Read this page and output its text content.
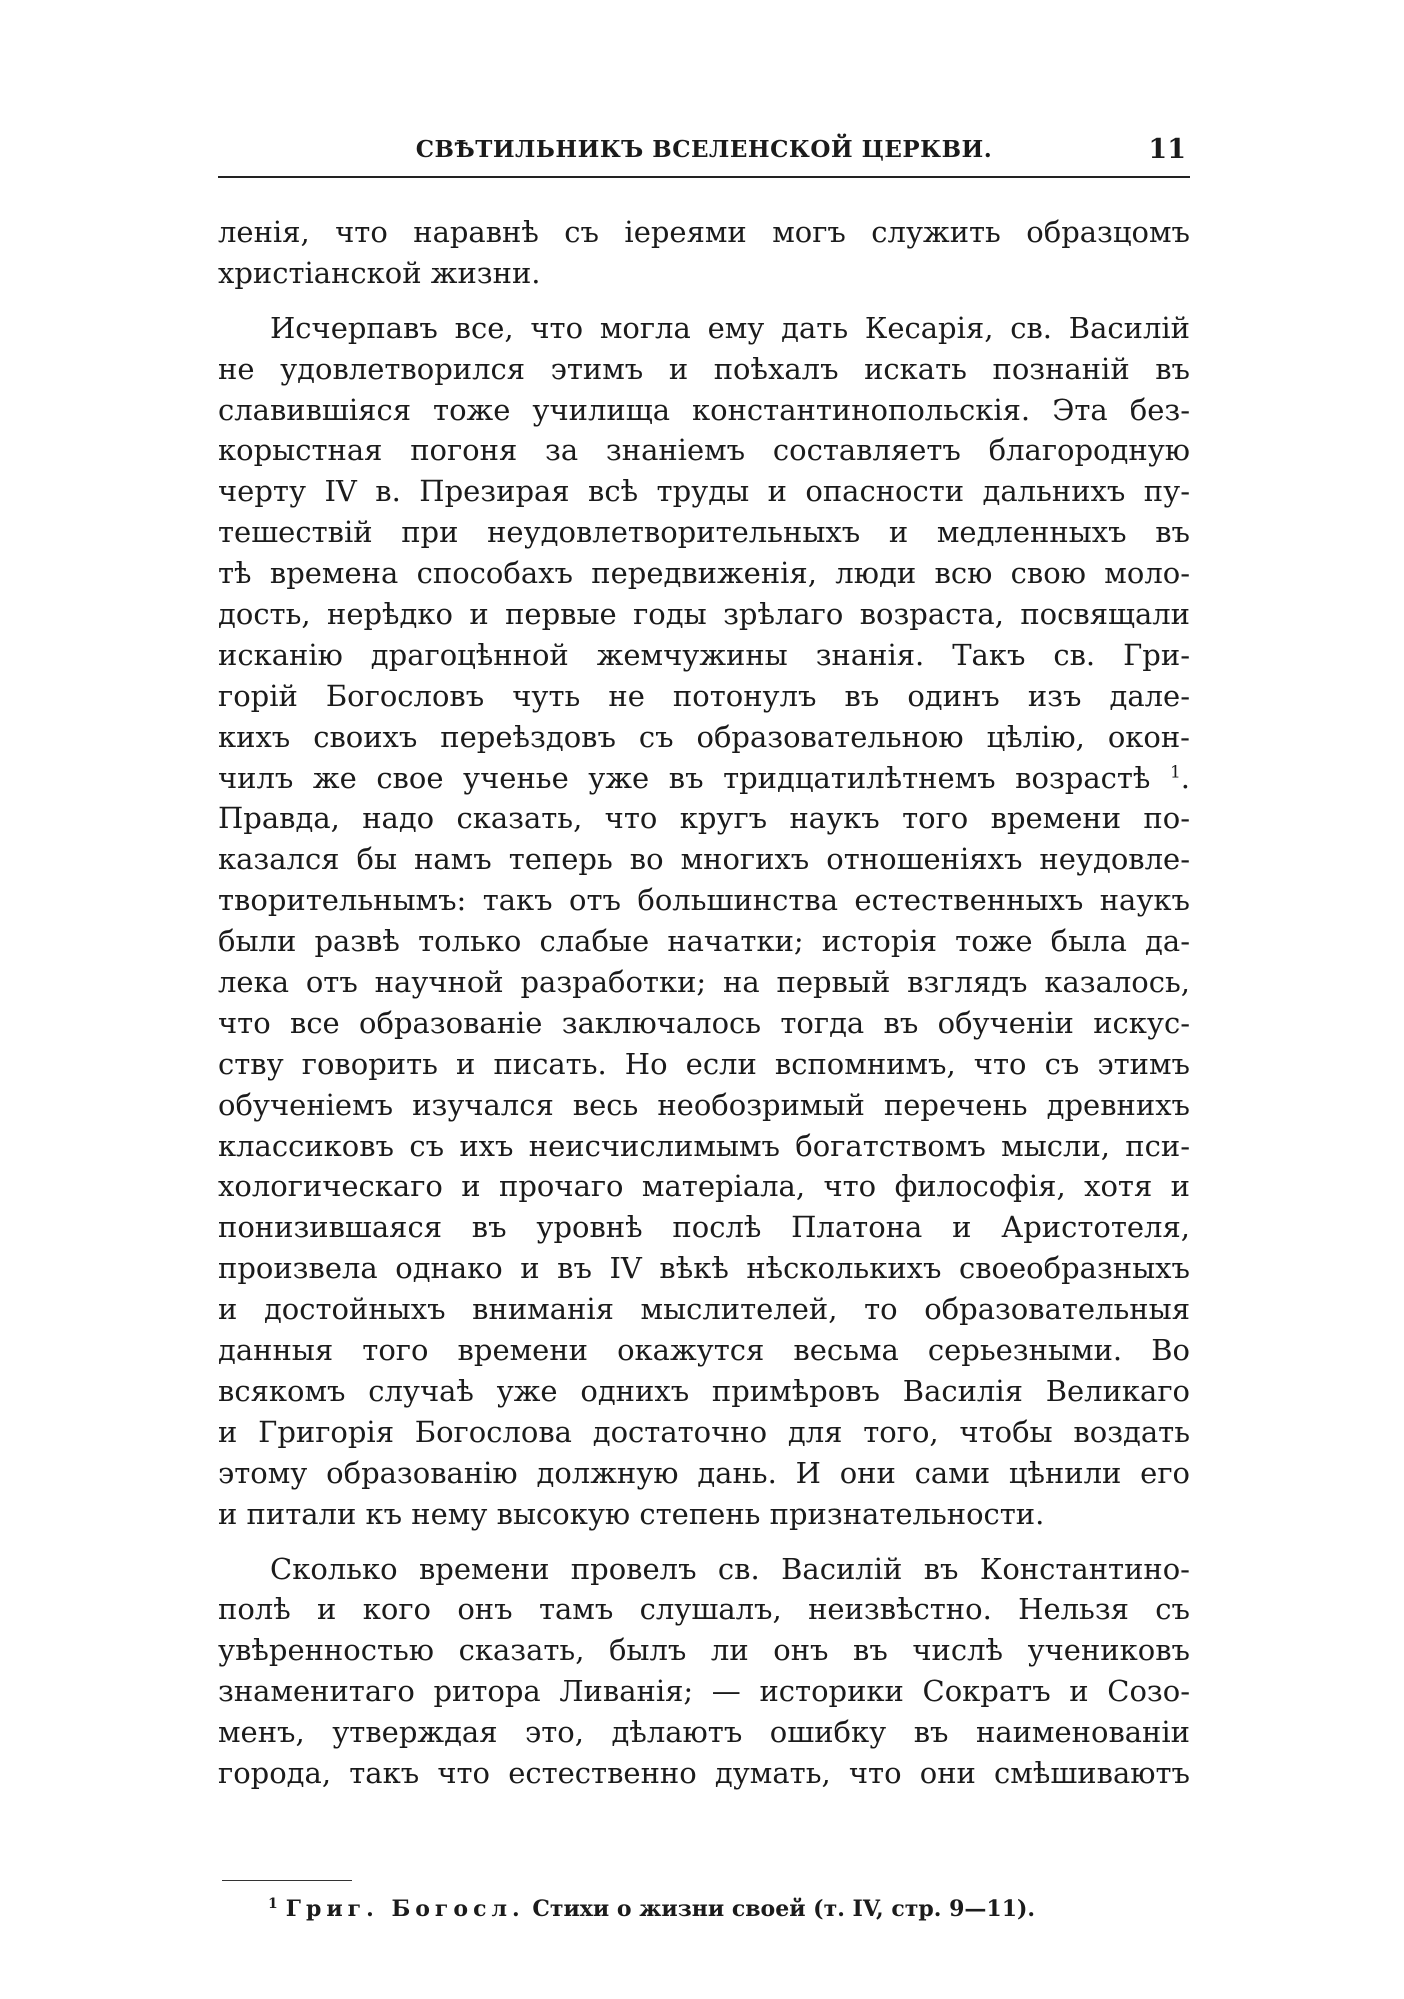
СВѢТИЛЬНИКЪ ВСЕЛЕНСКОЙ ЦЕРКВИ.	11
ленія, что наравнѣ съ іереями могъ служить образцомъ
христіанской жизни.
Исчерпавъ все, что могла ему дать Кесарія, св. Василій
не удовлетворился этимъ и поѣхалъ искать познаній въ
славившіяся тоже училища константинопольскія. Эта без-
корыстная погоня за знаніемъ составляетъ благородную
черту IV в. Презирая всѣ труды и опасности дальнихъ пу-
тешествій при неудовлетворительныхъ и медленныхъ въ
тѣ времена способахъ передвиженія, люди всю свою моло-
дость, нерѣдко и первые годы зрѣлаго возраста, посвящали
исканію драгоцѣнной жемчужины знанія. Такъ св. Гри-
горій Богословъ чуть не потонулъ въ одинъ изъ далe-
кихъ своихъ переѣздовъ съ образовательною цѣлію, окон-
чилъ же свое ученье уже въ тридцатилѣтнемъ возрастѣ $^1$.
Правда, надо сказать, что кругъ наукъ того времени по-
казался бы намъ теперь во многихъ отношеніяхъ неудовле-
творительнымъ: такъ отъ большинства естественныхъ наукъ
были развѣ только слабые начатки; исторія тоже была да-
лека отъ научной разработки; на первый взглядъ казалось,
что все образованіе заключалось тогда въ обученіи искус-
ству говорить и писать. Но если вспомнимъ, что съ этимъ
обученіемъ изучался весь необозримый перечень древнихъ
классиковъ съ ихъ неисчислимымъ богатствомъ мысли, пси-
хологическаго и прочаго матеріала, что философія, хотя и
понизившаяся въ уровнѣ послѣ Платона и Аристотеля,
произвела однако и въ IV вѣкѣ нѣсколькихъ своеобразныхъ
и достойныхъ вниманія мыслителей, то образовательныя
данныя того времени окажутся весьма серьезными. Во
всякомъ случаѣ уже однихъ примѣровъ Василія Великаго
и Григорія Богослова достаточно для того, чтобы воздать
этому образованію должную дань. И они сами цѣнили его
и питали къ нему высокую степень признательности.
Сколько времени провелъ св. Василій въ Константино-
полѣ и кого онъ тамъ слушалъ, неизвѣстно. Нельзя съ
увѣренностью сказать, былъ ли онъ въ числѣ учениковъ
знаменитаго ритора Ливанія; — историки Сократъ и Созо-
менъ, утверждая это, дѣлаютъ ошибку въ наименованіи
города, такъ что естественно думать, что они смѣшиваютъ
$^1$ Григ. Богосл. Стихи о жизни своей (т. IV, стр. 9—11).
